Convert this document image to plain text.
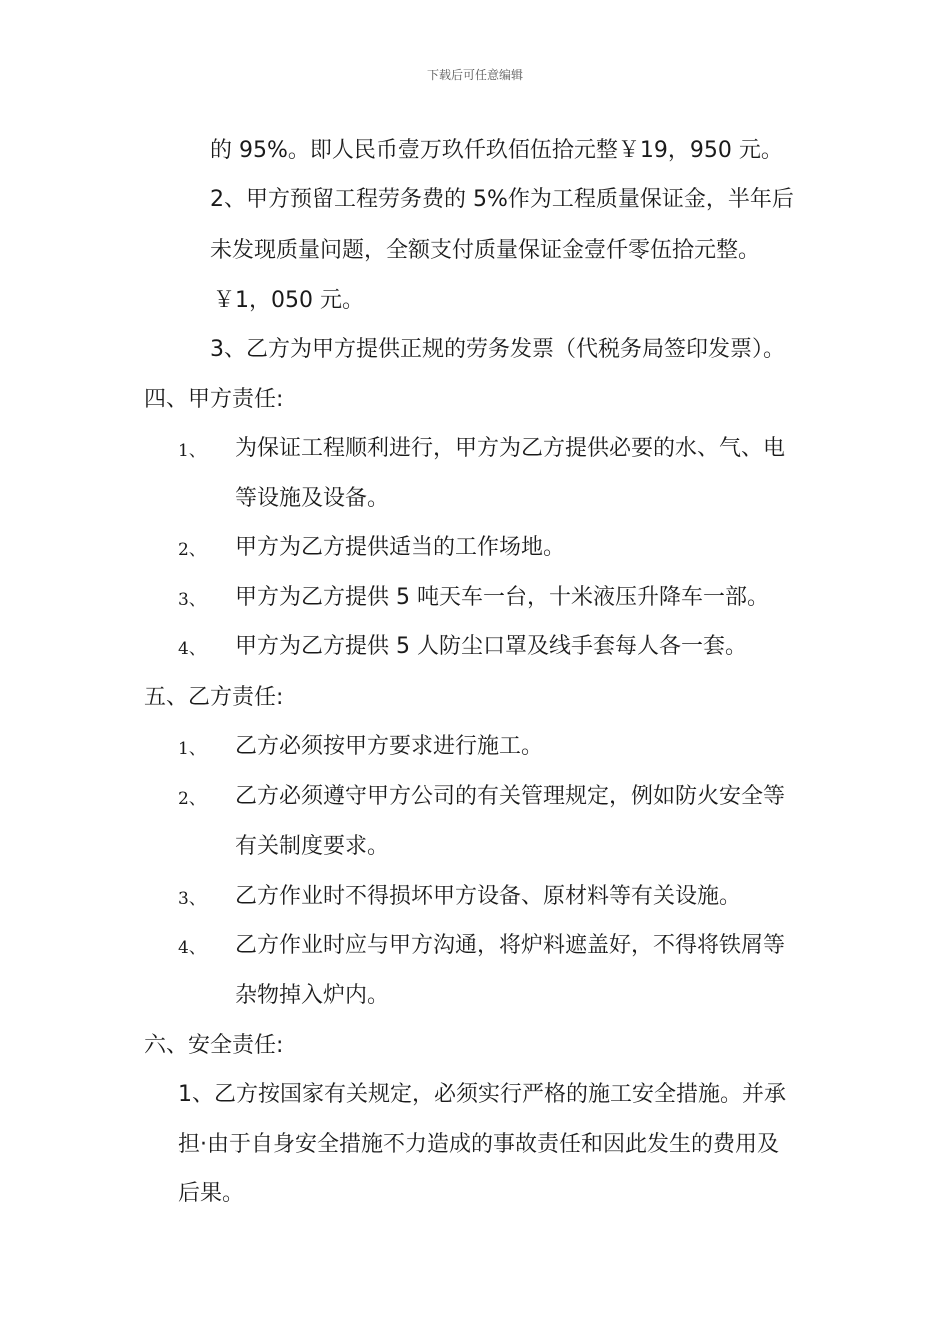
下载后可任意编辑
的 95%。即人民币壹万玖仟玖佰伍拾元整￥19，950 元。
2、甲方预留工程劳务费的 5%作为工程质量保证金，半年后
未发现质量问题，全额支付质量保证金壹仟零伍拾元整。
￥1，050 元。
3、乙方为甲方提供正规的劳务发票（代税务局签印发票）。
四、甲方责任:
1、 为保证工程顺利进行，甲方为乙方提供必要的水、气、电
等设施及设备。
2、 甲方为乙方提供适当的工作场地。
3、 甲方为乙方提供 5 吨天车一台，十米液压升降车一部。
4、 甲方为乙方提供 5 人防尘口罩及线手套每人各一套。
五、乙方责任:
1、 乙方必须按甲方要求进行施工。
2、 乙方必须遵守甲方公司的有关管理规定，例如防火安全等
有关制度要求。
3、 乙方作业时不得损坏甲方设备、原材料等有关设施。
4、 乙方作业时应与甲方沟通，将炉料遮盖好，不得将铁屑等
杂物掉入炉内。
六、安全责任:
1、乙方按国家有关规定，必须实行严格的施工安全措施。并承
担·由于自身安全措施不力造成的事故责任和因此发生的费用及
后果。
